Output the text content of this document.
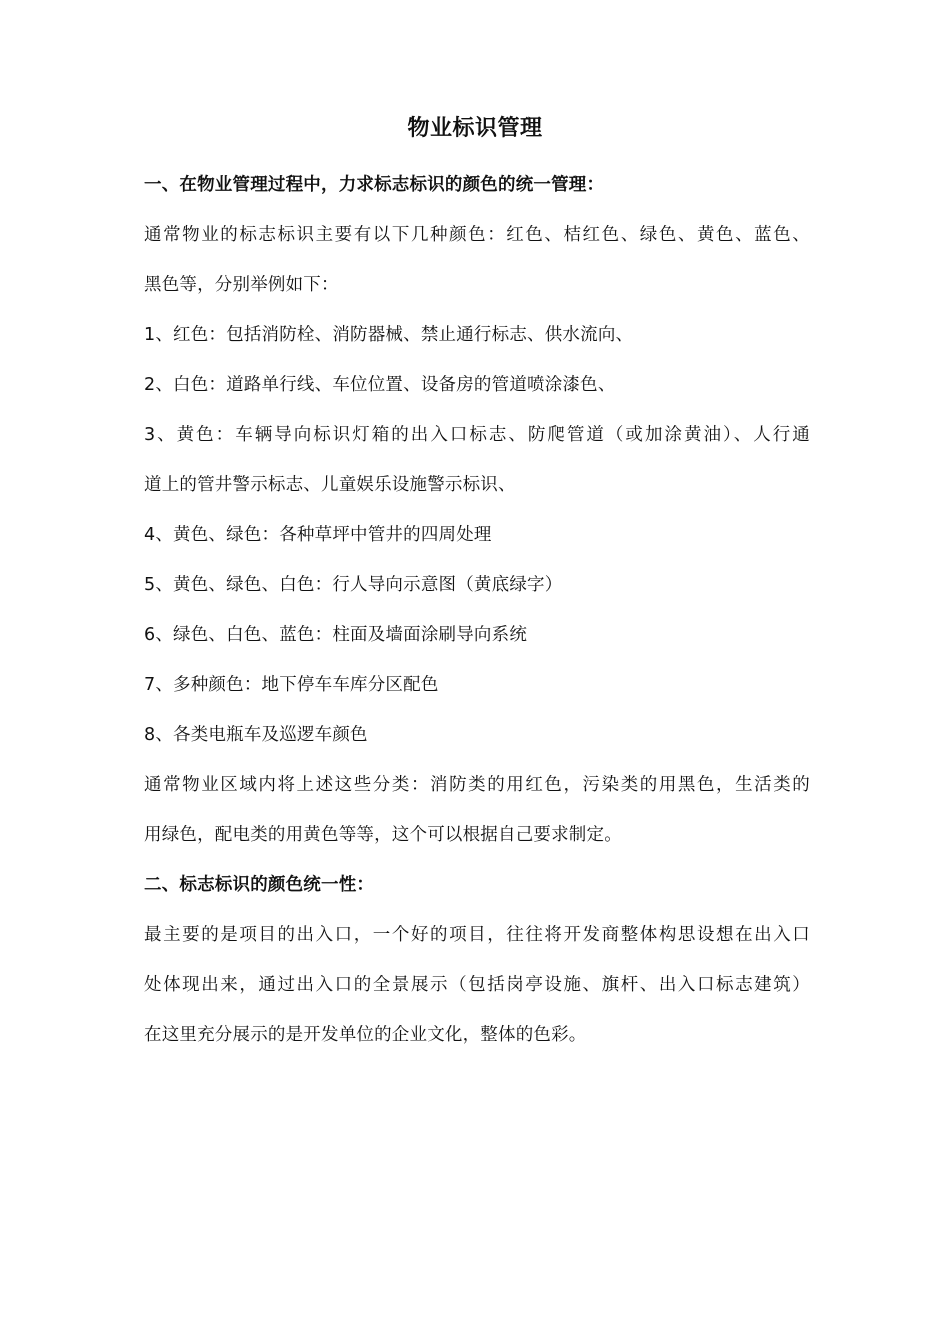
物业标识管理
一、在物业管理过程中，力求标志标识的颜色的统一管理：
通常物业的标志标识主要有以下几种颜色：红色、桔红色、绿色、黄色、蓝色、
黑色等，分别举例如下：
1、红色：包括消防栓、消防器械、禁止通行标志、供水流向、
2、白色：道路单行线、车位位置、设备房的管道喷涂漆色、
3、黄色：车辆导向标识灯箱的出入口标志、防爬管道（或加涂黄油）、人行通
道上的管井警示标志、儿童娱乐设施警示标识、
4、黄色、绿色：各种草坪中管井的四周处理
5、黄色、绿色、白色：行人导向示意图（黄底绿字）
6、绿色、白色、蓝色：柱面及墙面涂刷导向系统
7、多种颜色：地下停车车库分区配色
8、各类电瓶车及巡逻车颜色
通常物业区域内将上述这些分类：消防类的用红色，污染类的用黑色，生活类的
用绿色，配电类的用黄色等等，这个可以根据自己要求制定。
二、标志标识的颜色统一性：
最主要的是项目的出入口，一个好的项目，往往将开发商整体构思设想在出入口
处体现出来，通过出入口的全景展示（包括岗亭设施、旗杆、出入口标志建筑）
在这里充分展示的是开发单位的企业文化，整体的色彩。
